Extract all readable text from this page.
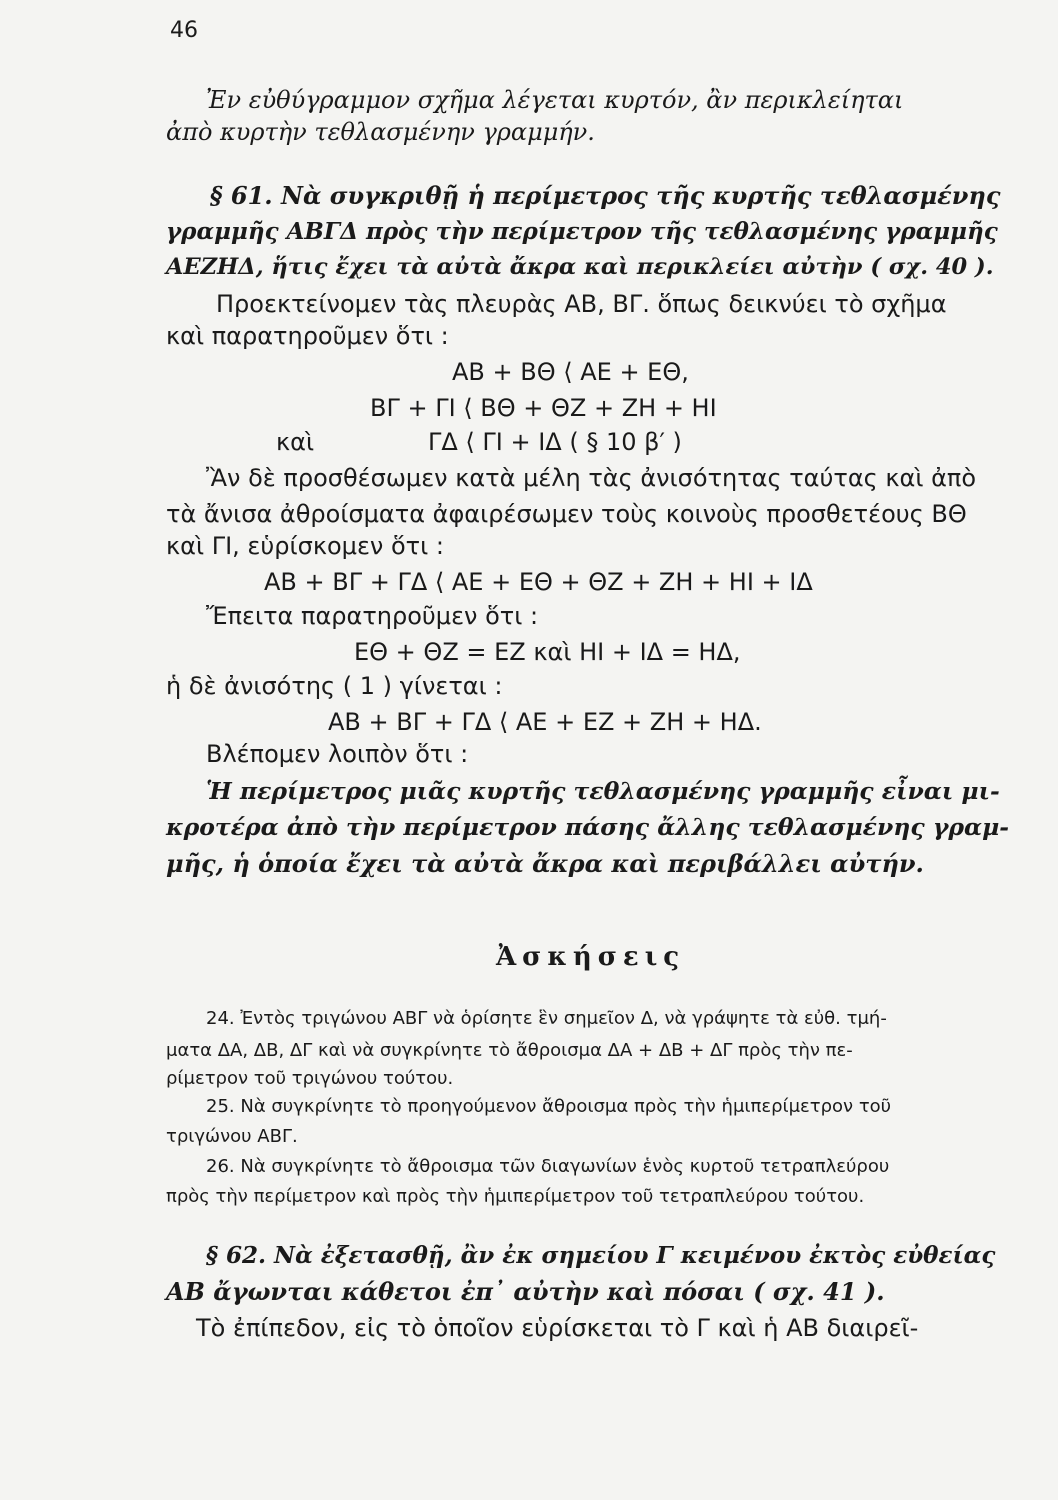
46
Ἐν εὐθύγραμμον σχῆμα λέγεται κυρτόν, ἂν περικλείηται
ἀπὸ κυρτὴν τεθλασμένην γραμμήν.
§ 61. Νὰ συγκριθῇ ἡ περίμετρος τῆς κυρτῆς τεθλασμένης
γραμμῆς ΑΒΓΔ πρὸς τὴν περίμετρον τῆς τεθλασμένης γραμμῆς
ΑΕΖΗΔ, ἥτις ἔχει τὰ αὐτὰ ἄκρα καὶ περικλείει αὐτὴν ( σχ. 40 ).
Προεκτείνομεν τὰς πλευρὰς ΑΒ, ΒΓ. ὅπως δεικνύει τὸ σχῆμα
καὶ παρατηροῦμεν ὅτι :
ΑΒ + ΒΘ ⟨ ΑΕ + ΕΘ,
ΒΓ + ΓΙ ⟨ ΒΘ + ΘΖ + ΖΗ + ΗΙ
καὶ	ΓΔ ⟨ ΓΙ + ΙΔ ( § 10 β′ )
Ἂν δὲ προσθέσωμεν κατὰ μέλη τὰς ἀνισότητας ταύτας καὶ ἀπὸ
τὰ ἄνισα ἀθροίσματα ἀφαιρέσωμεν τοὺς κοινοὺς προσθετέους ΒΘ
καὶ ΓΙ, εὑρίσκομεν ὅτι :
ΑΒ + ΒΓ + ΓΔ ⟨ ΑΕ + ΕΘ + ΘΖ + ΖΗ + ΗΙ + ΙΔ
Ἔπειτα παρατηροῦμεν ὅτι :
ΕΘ + ΘΖ = ΕΖ καὶ ΗΙ + ΙΔ = ΗΔ,
ἡ δὲ ἀνισότης ( 1 ) γίνεται :
ΑΒ + ΒΓ + ΓΔ ⟨ ΑΕ + ΕΖ + ΖΗ + ΗΔ.
Βλέπομεν λοιπὸν ὅτι :
Ἡ περίμετρος μιᾶς κυρτῆς τεθλασμένης γραμμῆς εἶναι μι-
κροτέρα ἀπὸ τὴν περίμετρον πάσης ἄλλης τεθλασμένης γραμ-
μῆς, ἡ ὁποία ἔχει τὰ αὐτὰ ἄκρα καὶ περιβάλλει αὐτήν.
Ἀσκήσεις
24. Ἐντὸς τριγώνου ΑΒΓ νὰ ὁρίσητε ἓν σημεῖον Δ, νὰ γράψητε τὰ εὐθ. τμή-
ματα ΔΑ, ΔΒ, ΔΓ καὶ νὰ συγκρίνητε τὸ ἄθροισμα ΔΑ + ΔΒ + ΔΓ πρὸς τὴν πε-
ρίμετρον τοῦ τριγώνου τούτου.
25. Νὰ συγκρίνητε τὸ προηγούμενον ἄθροισμα πρὸς τὴν ἡμιπερίμετρον τοῦ
τριγώνου ΑΒΓ.
26. Νὰ συγκρίνητε τὸ ἄθροισμα τῶν διαγωνίων ἑνὸς κυρτοῦ τετραπλεύρου
πρὸς τὴν περίμετρον καὶ πρὸς τὴν ἡμιπερίμετρον τοῦ τετραπλεύρου τούτου.
§ 62. Νὰ ἐξετασθῇ, ἂν ἐκ σημείου Γ κειμένου ἐκτὸς εὐθείας
ΑΒ ἄγωνται κάθετοι ἐπ᾿ αὐτὴν καὶ πόσαι ( σχ. 41 ).
Τὸ ἐπίπεδον, εἰς τὸ ὁποῖον εὑρίσκεται τὸ Γ καὶ ἡ ΑΒ διαιρεῖ-
